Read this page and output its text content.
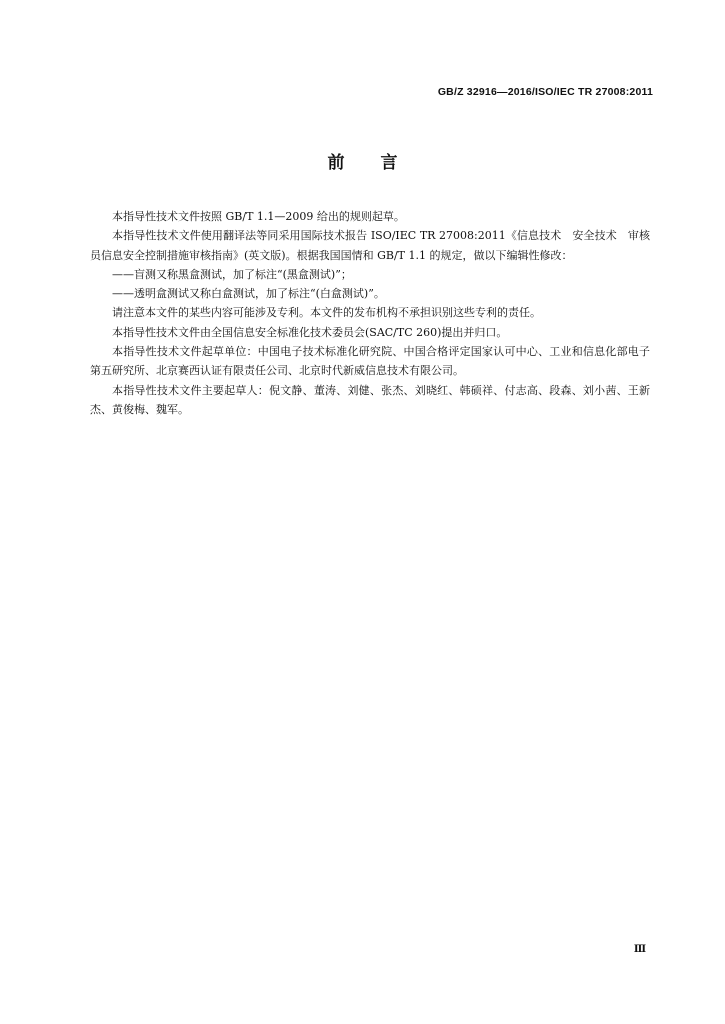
GB/Z 32916—2016/ISO/IEC TR 27008:2011
前言

本指导性技术文件按照 GB/T 1.1—2009 给出的规则起草。

本指导性技术文件使用翻译法等同采用国际技术报告 ISO/IEC TR 27008:2011《信息技术　安全技术　审核员信息安全控制措施审核指南》(英文版)。根据我国国情和 GB/T 1.1 的规定，做以下编辑性修改：

——盲测又称黑盒测试，加了标注“(黑盒测试)”；

——透明盒测试又称白盒测试，加了标注“(白盒测试)”。

请注意本文件的某些内容可能涉及专利。本文件的发布机构不承担识别这些专利的责任。

本指导性技术文件由全国信息安全标准化技术委员会(SAC/TC 260)提出并归口。

本指导性技术文件起草单位：中国电子技术标准化研究院、中国合格评定国家认可中心、工业和信息化部电子第五研究所、北京赛西认证有限责任公司、北京时代新威信息技术有限公司。

本指导性技术文件主要起草人：倪文静、董涛、刘健、张杰、刘晓红、韩硕祥、付志高、段森、刘小茜、王新杰、黄俊梅、魏军。

Ⅲ
